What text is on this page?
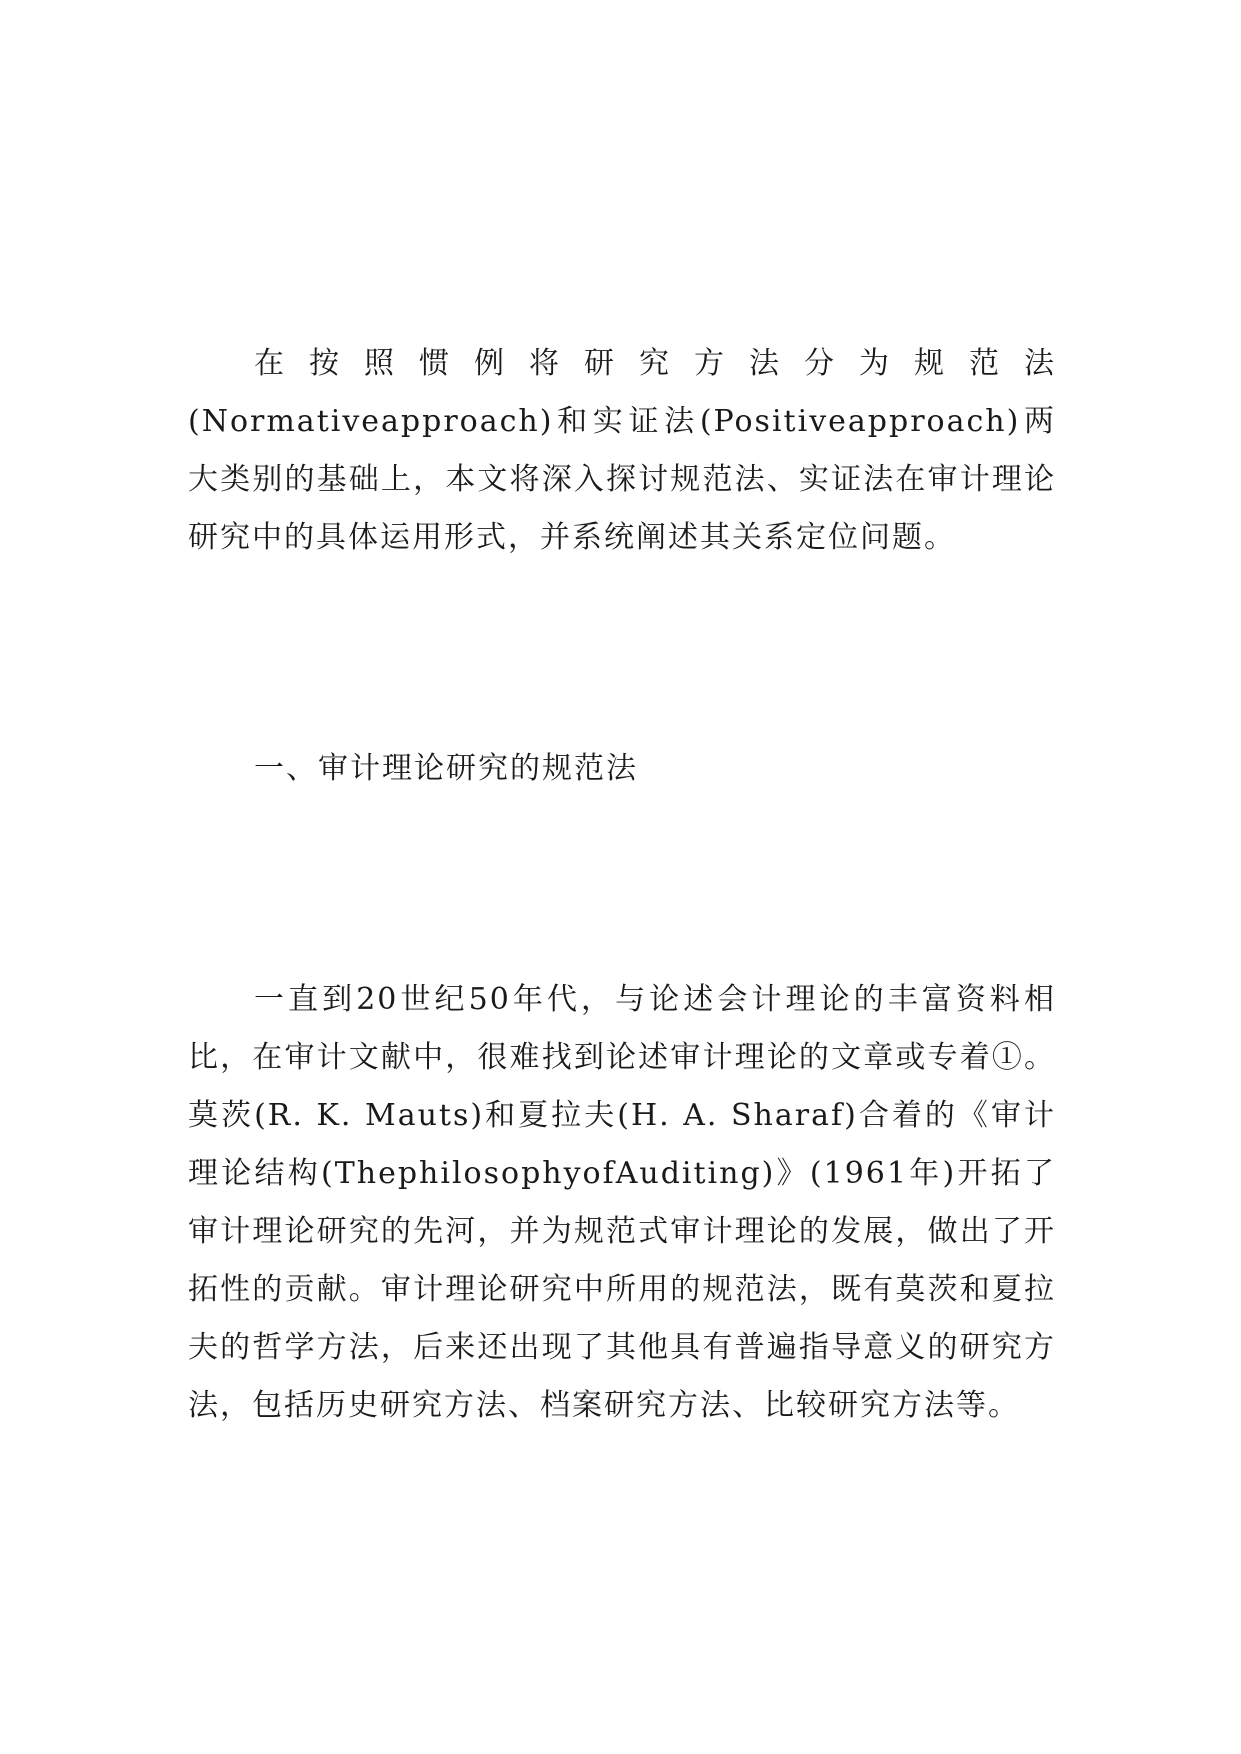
在按照惯例将研究方法分为规范法(Normativeapproach)和实证法(Positiveapproach)两大类别的基础上，本文将深入探讨规范法、实证法在审计理论研究中的具体运用形式，并系统阐述其关系定位问题。

一、审计理论研究的规范法

一直到20世纪50年代，与论述会计理论的丰富资料相比，在审计文献中，很难找到论述审计理论的文章或专着①。莫茨(R. K. Mauts)和夏拉夫(H. A. Sharaf)合着的《审计理论结构(ThephilosophyofAuditing)》(1961年)开拓了审计理论研究的先河，并为规范式审计理论的发展，做出了开拓性的贡献。审计理论研究中所用的规范法，既有莫茨和夏拉夫的哲学方法，后来还出现了其他具有普遍指导意义的研究方法，包括历史研究方法、档案研究方法、比较研究方法等。
